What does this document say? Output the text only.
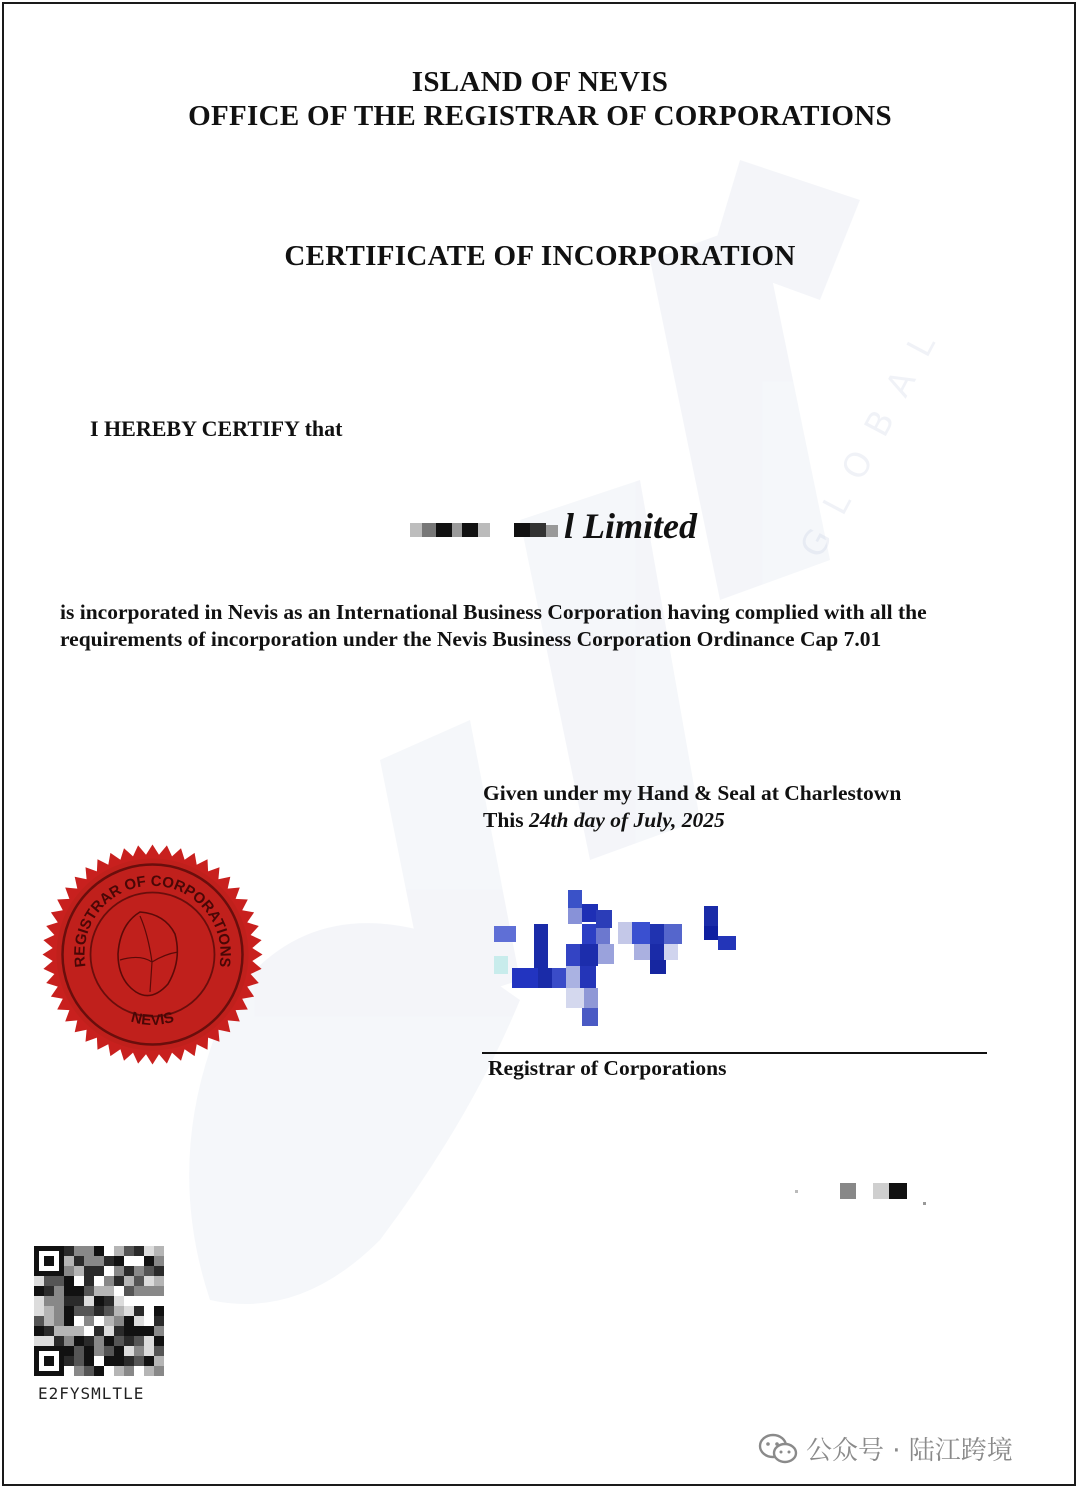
GLOBAL
ISLAND OF NEVIS
OFFICE OF THE REGISTRAR OF CORPORATIONS
CERTIFICATE OF INCORPORATION
I HEREBY CERTIFY that
l Limited
is incorporated in Nevis as an International Business Corporation having complied with all the requirements of incorporation under the Nevis Business Corporation Ordinance Cap 7.01
Given under my Hand & Seal at Charlestown
This 24th day of July, 2025
Registrar of Corporations
REGISTRAR OF CORPORATIONS
NEVIS
E2FYSMLTLE
公众号 · 陆江跨境
